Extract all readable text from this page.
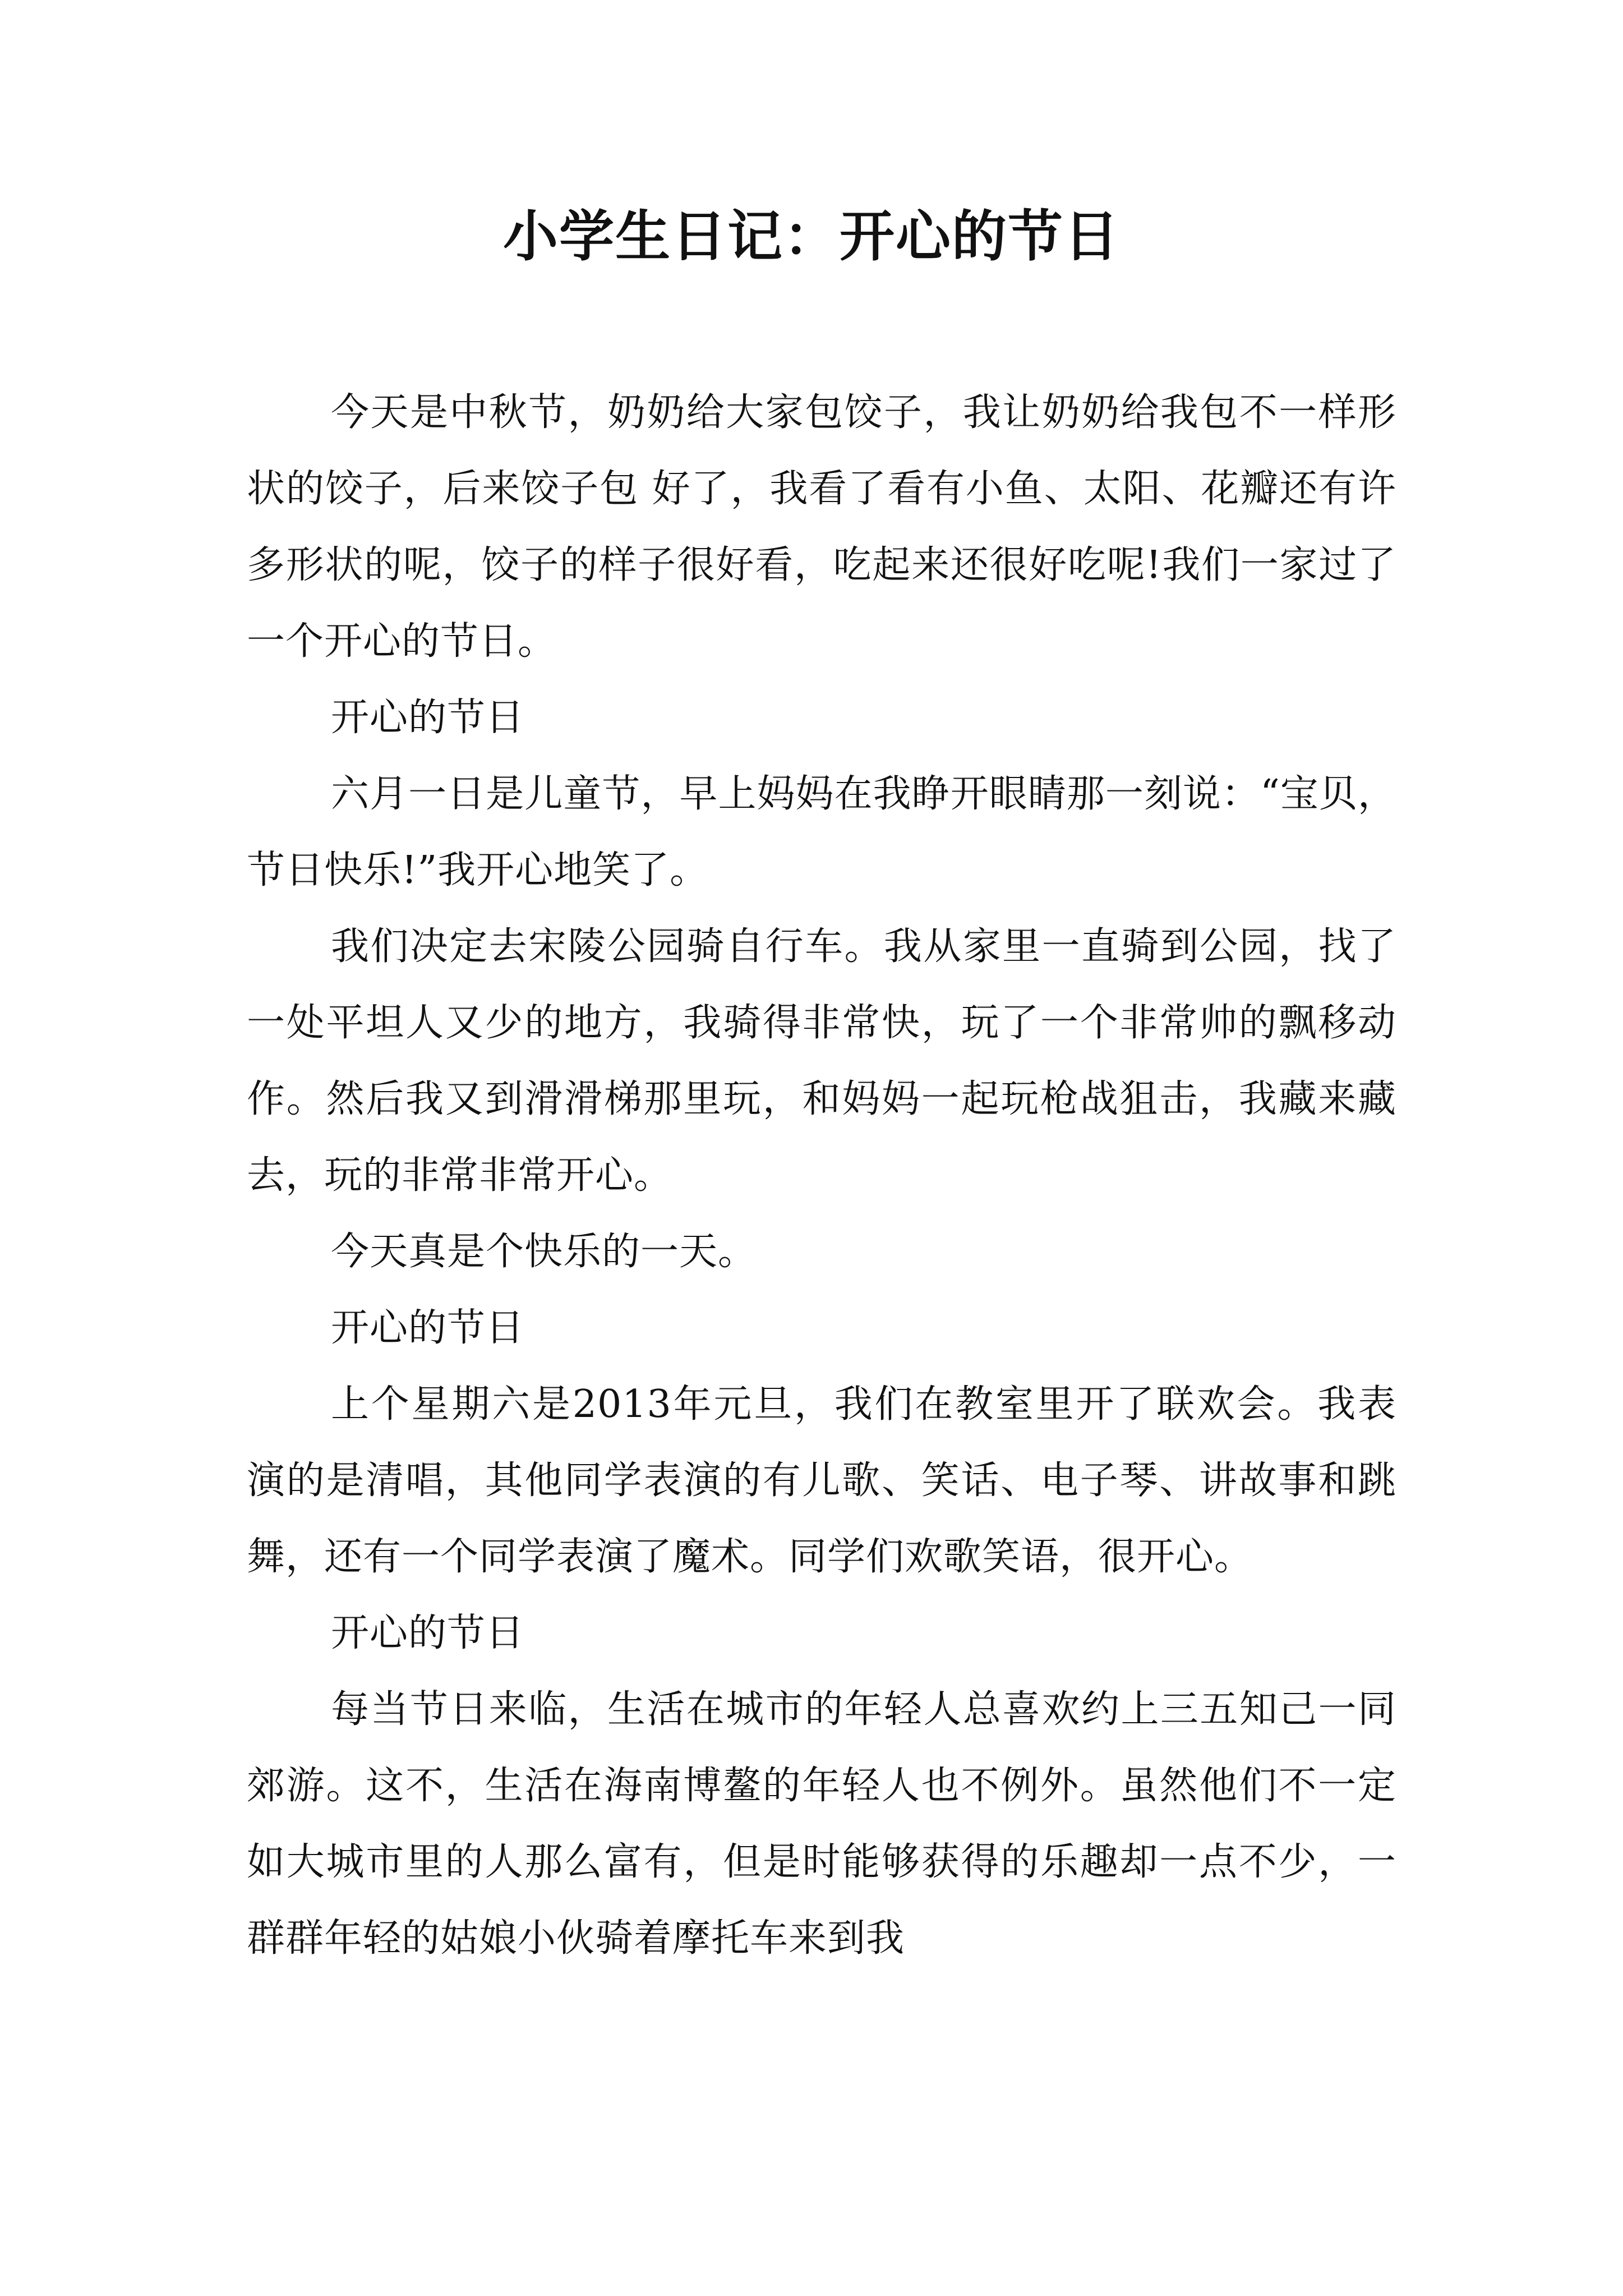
小学生日记：开心的节日

今天是中秋节，奶奶给大家包饺子，我让奶奶给我包不一样形状的饺子，后来饺子包 好了，我看了看有小鱼、太阳、花瓣还有许多形状的呢，饺子的样子很好看，吃起来还很好吃呢!我们一家过了一个开心的节日。

开心的节日

六月一日是儿童节，早上妈妈在我睁开眼睛那一刻说：“宝贝，节日快乐!”我开心地笑了。

我们决定去宋陵公园骑自行车。我从家里一直骑到公园，找了一处平坦人又少的地方，我骑得非常快，玩了一个非常帅的飘移动作。然后我又到滑滑梯那里玩，和妈妈一起玩枪战狙击，我藏来藏去，玩的非常非常开心。

今天真是个快乐的一天。

开心的节日

上个星期六是2013年元旦，我们在教室里开了联欢会。我表演的是清唱，其他同学表演的有儿歌、笑话、电子琴、讲故事和跳舞，还有一个同学表演了魔术。同学们欢歌笑语，很开心。

开心的节日

每当节日来临，生活在城市的年轻人总喜欢约上三五知己一同郊游。这不，生活在海南博鳌的年轻人也不例外。虽然他们不一定如大城市里的人那么富有，但是时能够获得的乐趣却一点不少，一群群年轻的姑娘小伙骑着摩托车来到我
